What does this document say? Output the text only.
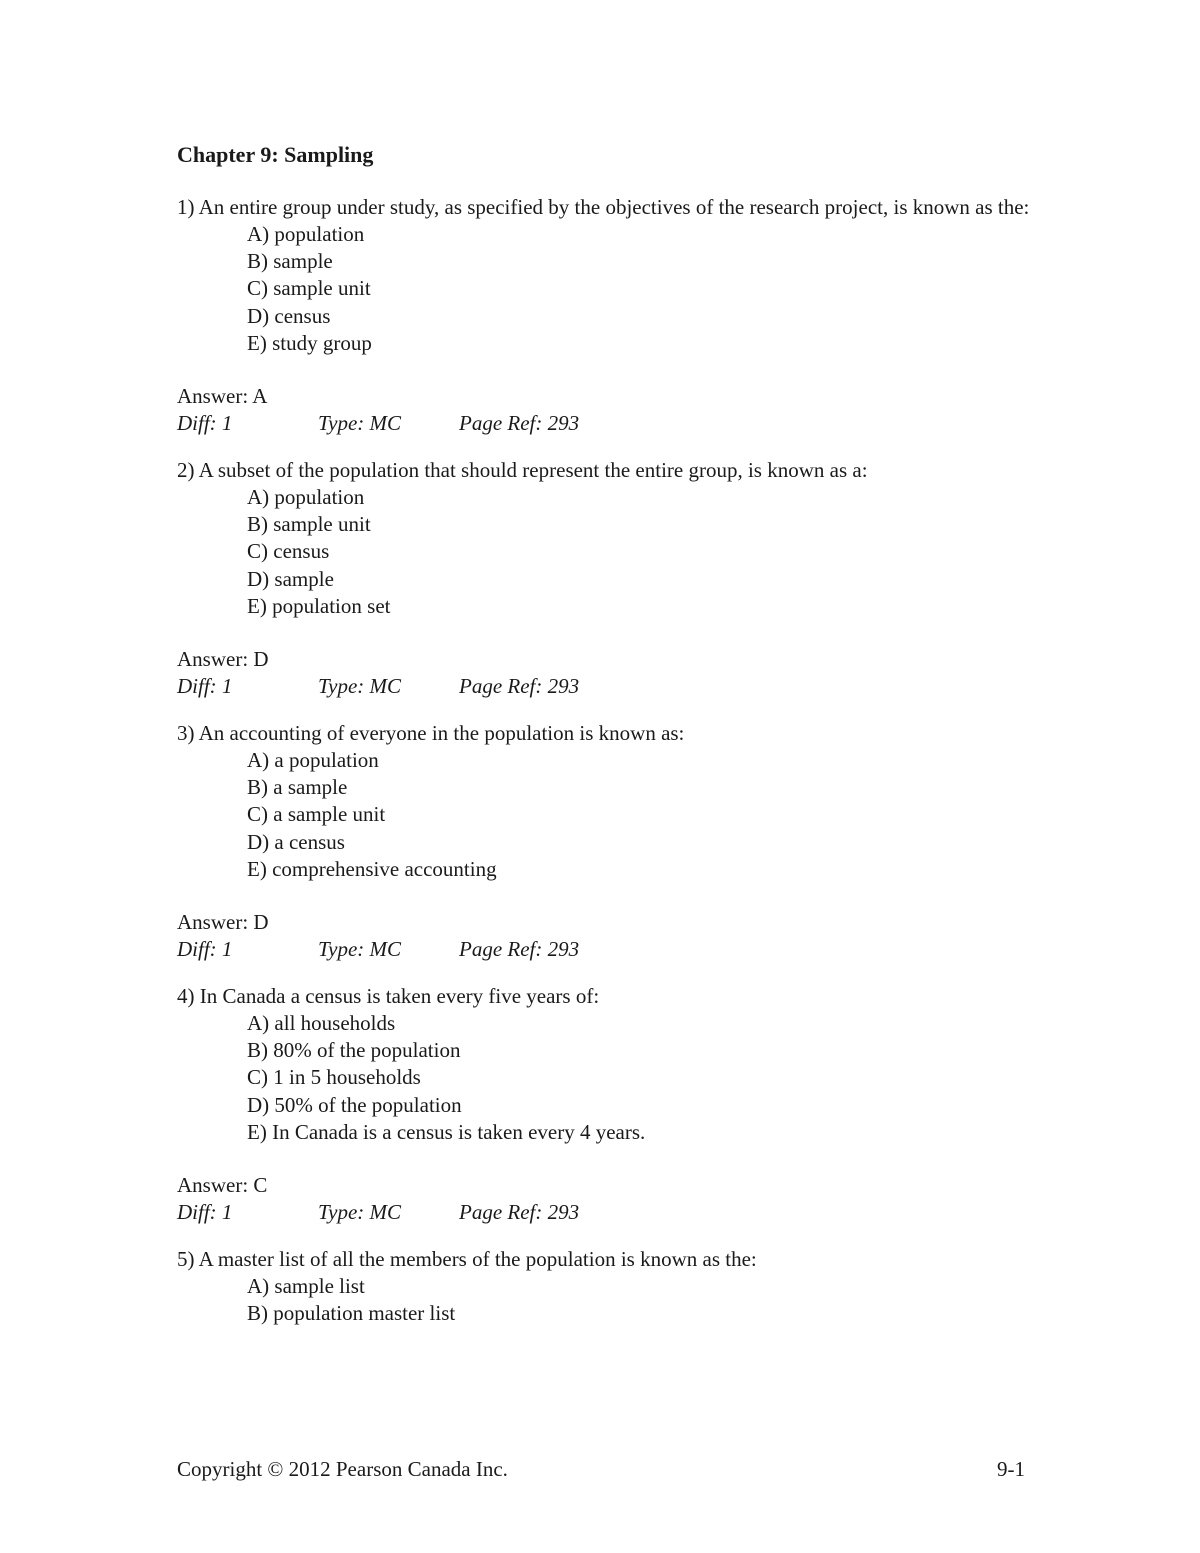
Chapter 9: Sampling

1) An entire group under study, as specified by the objectives of the research project, is known as the:

A) population
B) sample
C) sample unit
D) census
E) study group
Answer: A
Diff: 1	Type: MC	Page Ref: 293

2) A subset of the population that should represent the entire group, is known as a:

A) population
B) sample unit
C) census
D) sample
E) population set
Answer: D
Diff: 1	Type: MC	Page Ref: 293

3) An accounting of everyone in the population is known as:

A) a population
B) a sample
C) a sample unit
D) a census
E) comprehensive accounting
Answer: D
Diff: 1	Type: MC	Page Ref: 293

4) In Canada a census is taken every five years of:

A) all households
B) 80% of the population
C) 1 in 5 households
D) 50% of the population
E) In Canada is a census is taken every 4 years.
Answer: C
Diff: 1	Type: MC	Page Ref: 293

5) A master list of all the members of the population is known as the:

A) sample list
B) population master list
Copyright © 2012 Pearson Canada Inc.	9-1
